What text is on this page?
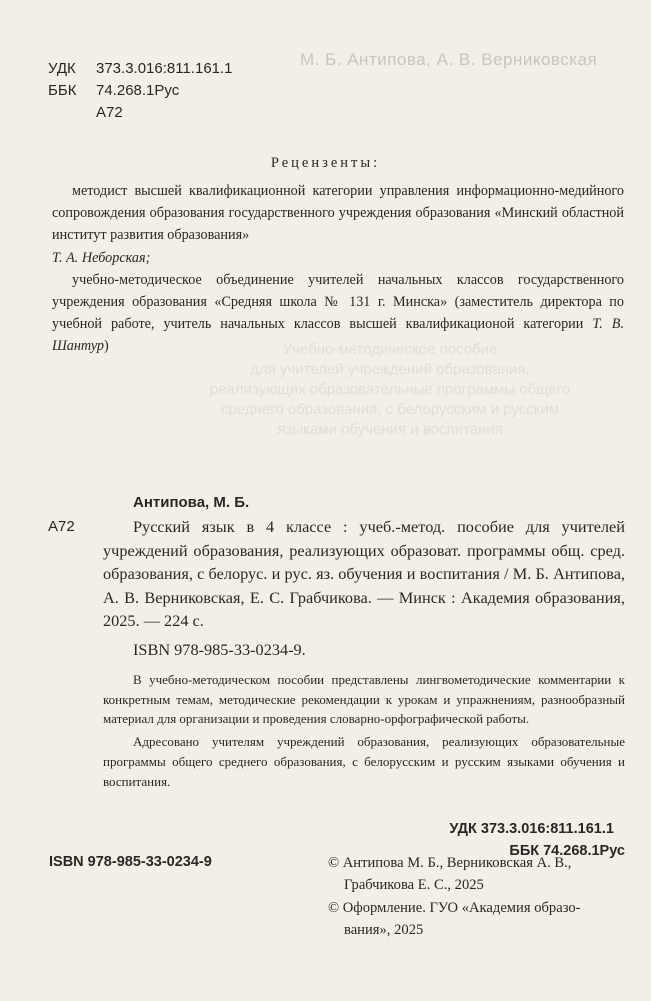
М. Б. Антипова, А. В. Верниковская
Учебно-методическое пособие
для учителей учреждений образования,
реализующих образовательные программы общего
среднего образования, с белорусским и русским
языками обучения и воспитания
УДК 373.3.016:811.161.1
ББК 74.268.1Рус
А72
Рецензенты:

методист высшей квалификационной категории управления информационно-медийного сопровождения образования государственного учреждения образования «Минский областной институт развития образования»

Т. А. Неборская;

учебно-методическое объединение учителей начальных классов государственного учреждения образования «Средняя школа № 131 г. Минска» (заместитель директора по учебной работе, учитель начальных классов высшей квалификационой категории Т. В. Шантур)

Антипова, М. Б.
А72	Русский язык в 4 классе : учеб.-метод. пособие для учителей учреждений образования, реализующих образоват. программы общ. сред. образования, с белорус. и рус. яз. обучения и воспитания / М. Б. Антипова, А. В. Верниковская, Е. С. Грабчикова. — Минск : Академия образования, 2025. — 224 с.
ISBN 978-985-33-0234-9.

В учебно-методическом пособии представлены лингвометодические комментарии к конкретным темам, методические рекомендации к урокам и упражнениям, разнообразный материал для организации и проведения словарно-орфографической работы.

Адресовано учителям учреждений образования, реализующих образовательные программы общего среднего образования, с белорусским и русским языками обучения и воспитания.

УДК 373.3.016:811.161.1
ББК 74.268.1Рус
ISBN 978-985-33-0234-9	© Антипова М. Б., Верниковская А. В.,
Грабчикова Е. С., 2025
© Оформление. ГУО «Академия образо-
вания», 2025
